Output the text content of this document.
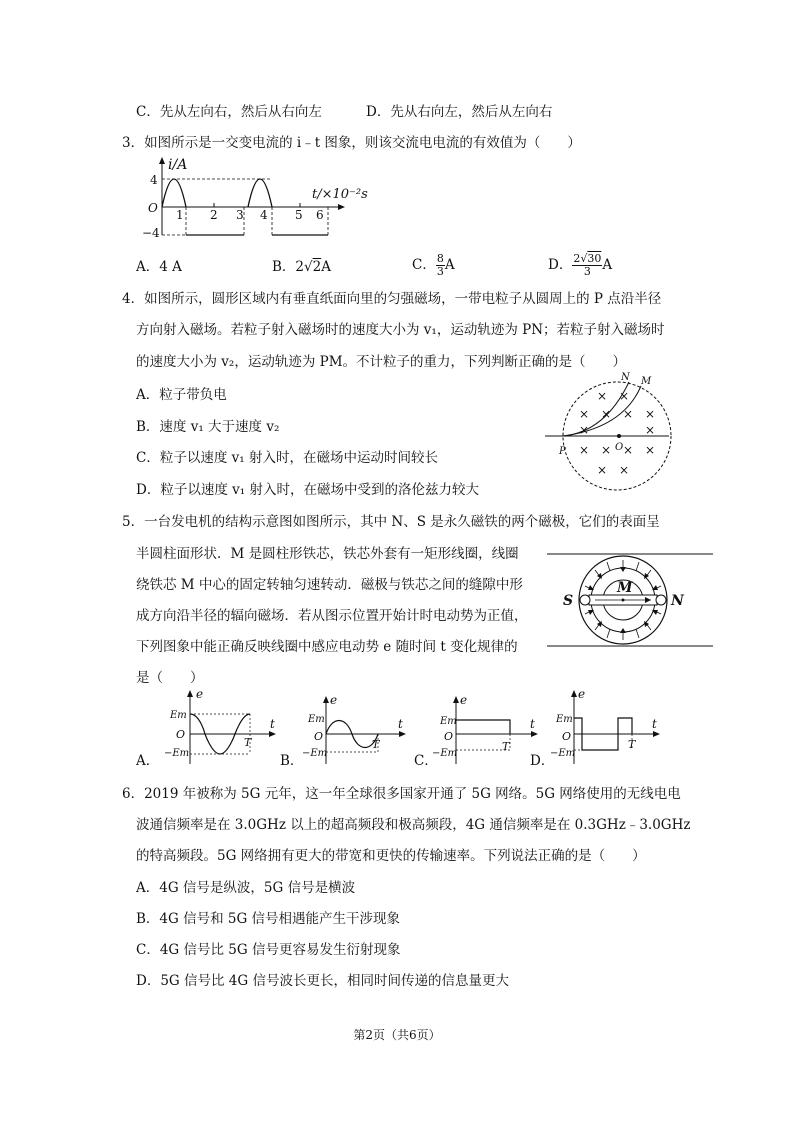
C．先从左向右，然后从右向左	D．先从右向左，然后从左向右
3．如图所示是一交变电流的 i﹣t 图象，则该交流电电流的有效值为（　　）
i/A
t/×10⁻²s
O
4
−4
1 2 3 4 5 6
A．4 A	B．2√2A	C． $\frac{8}{3}$ A	D． $\frac{2√30}{3}$ A
4．如图所示，圆形区域内有垂直纸面向里的匀强磁场，一带电粒子从圆周上的 P 点沿半径
方向射入磁场。若粒子射入磁场时的速度大小为 v₁，运动轨迹为 PN；若粒子射入磁场时
的速度大小为 v₂，运动轨迹为 PM。不计粒子的重力，下列判断正确的是（　　）
A．粒子带负电
B．速度 v₁ 大于速度 v₂
C．粒子以速度 v₁ 射入时，在磁场中运动时间较长
D．粒子以速度 v₁ 射入时，在磁场中受到的洛伦兹力较大
× ×
× × × ×
×	×
× × × ×
× ×
N M
P	O
5．一台发电机的结构示意图如图所示，其中 N、S 是永久磁铁的两个磁极，它们的表面呈
半圆柱面形状．M 是圆柱形铁芯，铁芯外套有一矩形线圈，线圈
绕铁芯 M 中心的固定转轴匀速转动．磁极与铁芯之间的缝隙中形
成方向沿半径的辐向磁场．若从图示位置开始计时电动势为正值，
下列图象中能正确反映线圈中感应电动势 e 随时间 t 变化规律的
是（　　）
S	N
M
A．
e
t
Em
O
−Em
T
B．
e
t
Em
O
−Em
T
C．
e
t
Em
O
−Em
T
D．
e
t
Em
O
−Em
T
6．2019 年被称为 5G 元年，这一年全球很多国家开通了 5G 网络。5G 网络使用的无线电电
波通信频率是在 3.0GHz 以上的超高频段和极高频段，4G 通信频率是在 0.3GHz﹣3.0GHz
的特高频段。5G 网络拥有更大的带宽和更快的传输速率。下列说法正确的是（　　）
A．4G 信号是纵波，5G 信号是横波
B．4G 信号和 5G 信号相遇能产生干涉现象
C．4G 信号比 5G 信号更容易发生衍射现象
D．5G 信号比 4G 信号波长更长，相同时间传递的信息量更大
第2页（共6页）
